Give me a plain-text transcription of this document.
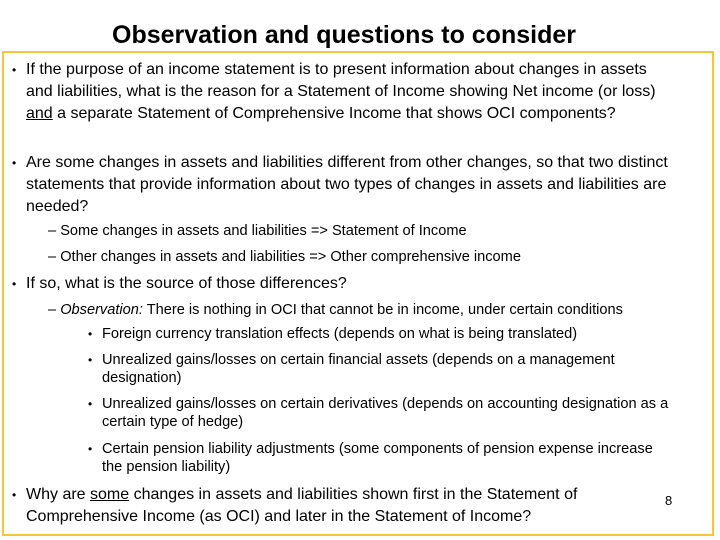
Observation and questions to consider
• If the purpose of an income statement is to present information about changes in assets and liabilities, what is the reason for a Statement of Income showing Net income (or loss) and a separate Statement of Comprehensive Income that shows OCI components?
• Are some changes in assets and liabilities different from other changes, so that two distinct statements that provide information about two types of changes in assets and liabilities are needed?
– Some changes in assets and liabilities => Statement of Income
– Other changes in assets and liabilities => Other comprehensive income
• If so, what is the source of those differences?
– Observation: There is nothing in OCI that cannot be in income, under certain conditions
• Foreign currency translation effects (depends on what is being translated)
• Unrealized gains/losses on certain financial assets (depends on a management designation)
• Unrealized gains/losses on certain derivatives (depends on accounting designation as a certain type of hedge)
• Certain pension liability adjustments (some components of pension expense increase the pension liability)
• Why are some changes in assets and liabilities shown first in the Statement of Comprehensive Income (as OCI) and later in the Statement of Income?
8
